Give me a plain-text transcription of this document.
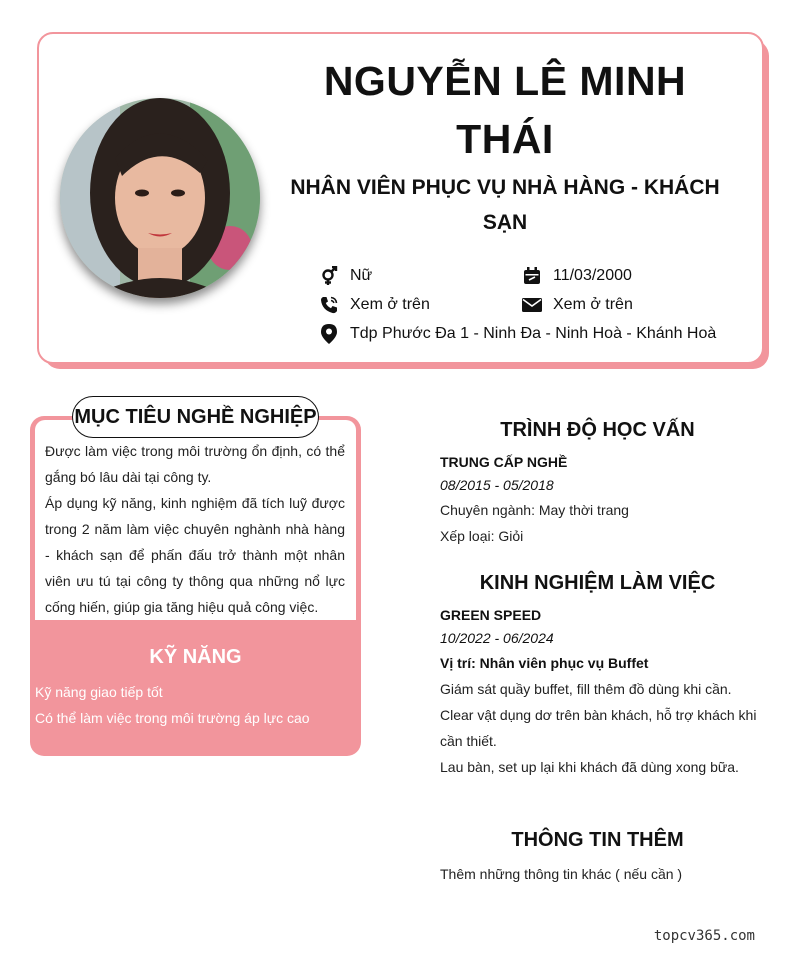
NGUYỄN LÊ MINH THÁI
NHÂN VIÊN PHỤC VỤ NHÀ HÀNG - KHÁCH SẠN
Nữ	11/03/2000
Xem ở trên	Xem ở trên
Tdp Phước Đa 1 - Ninh Đa - Ninh Hoà - Khánh Hoà
MỤC TIÊU NGHỀ NGHIỆP

Được làm việc trong môi trường ổn định, có thể gắng bó lâu dài tại công ty.

Áp dụng kỹ năng, kinh nghiệm đã tích luỹ được trong 2 năm làm việc chuyên nghành nhà hàng - khách sạn để phấn đấu trở thành một nhân viên ưu tú tại công ty thông qua những nổ lực cống hiến, giúp gia tăng hiệu quả công việc.

KỸ NĂNG
Kỹ năng giao tiếp tốt
Có thể làm việc trong môi trường áp lực cao
TRÌNH ĐỘ HỌC VẤN
TRUNG CẤP NGHỀ
08/2015 - 05/2018
Chuyên ngành: May thời trang
Xếp loại: Giỏi
KINH NGHIỆM LÀM VIỆC
GREEN SPEED
10/2022 - 06/2024
Vị trí: Nhân viên phục vụ Buffet
Giám sát quầy buffet, fill thêm đồ dùng khi cần.
Clear vật dụng dơ trên bàn khách, hỗ trợ khách khi cần thiết.
Lau bàn, set up lại khi khách đã dùng xong bữa.
THÔNG TIN THÊM
Thêm những thông tin khác ( nếu cần )
topcv365.com
